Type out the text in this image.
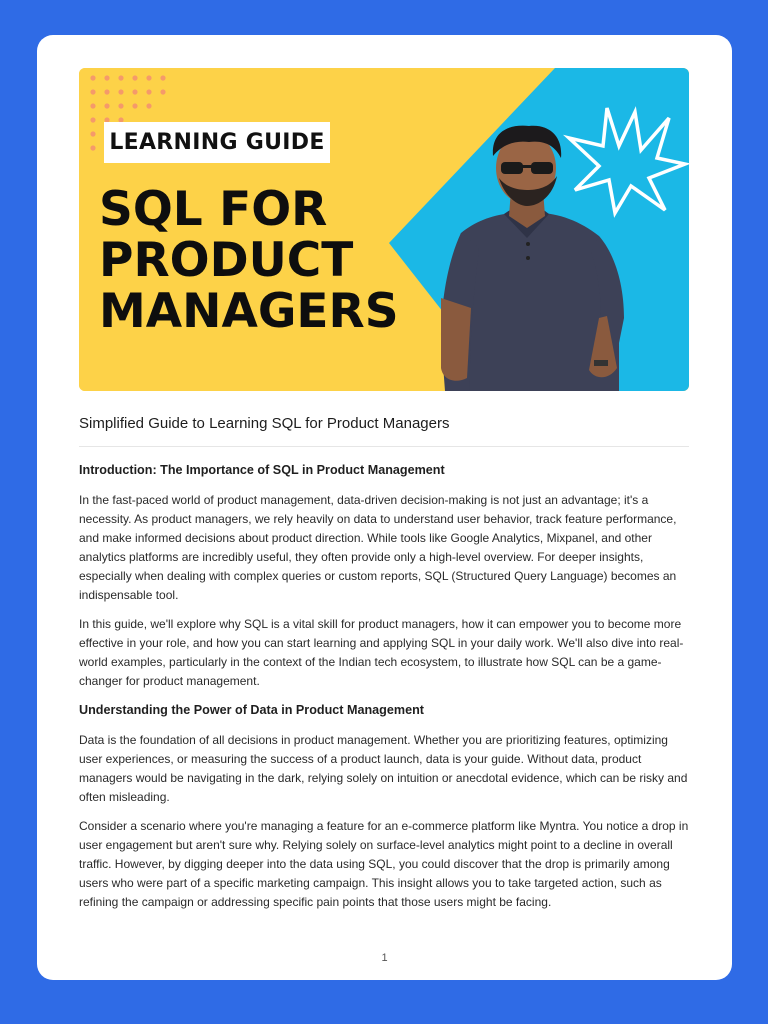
LEARNING GUIDE
SQL FOR
PRODUCT
MANAGERS
Simplified Guide to Learning SQL for Product Managers
Introduction: The Importance of SQL in Product Management

In the fast-paced world of product management, data-driven decision-making is not just an advantage; it's a necessity. As product managers, we rely heavily on data to understand user behavior, track feature performance, and make informed decisions about product direction. While tools like Google Analytics, Mixpanel, and other analytics platforms are incredibly useful, they often provide only a high-level overview. For deeper insights, especially when dealing with complex queries or custom reports, SQL (Structured Query Language) becomes an indispensable tool.

In this guide, we'll explore why SQL is a vital skill for product managers, how it can empower you to become more effective in your role, and how you can start learning and applying SQL in your daily work. We'll also dive into real-world examples, particularly in the context of the Indian tech ecosystem, to illustrate how SQL can be a game-changer for product management.

Understanding the Power of Data in Product Management

Data is the foundation of all decisions in product management. Whether you are prioritizing features, optimizing user experiences, or measuring the success of a product launch, data is your guide. Without data, product managers would be navigating in the dark, relying solely on intuition or anecdotal evidence, which can be risky and often misleading.

Consider a scenario where you're managing a feature for an e-commerce platform like Myntra. You notice a drop in user engagement but aren't sure why. Relying solely on surface-level analytics might point to a decline in overall traffic. However, by digging deeper into the data using SQL, you could discover that the drop is primarily among users who were part of a specific marketing campaign. This insight allows you to take targeted action, such as refining the campaign or addressing specific pain points that those users might be facing.

1
